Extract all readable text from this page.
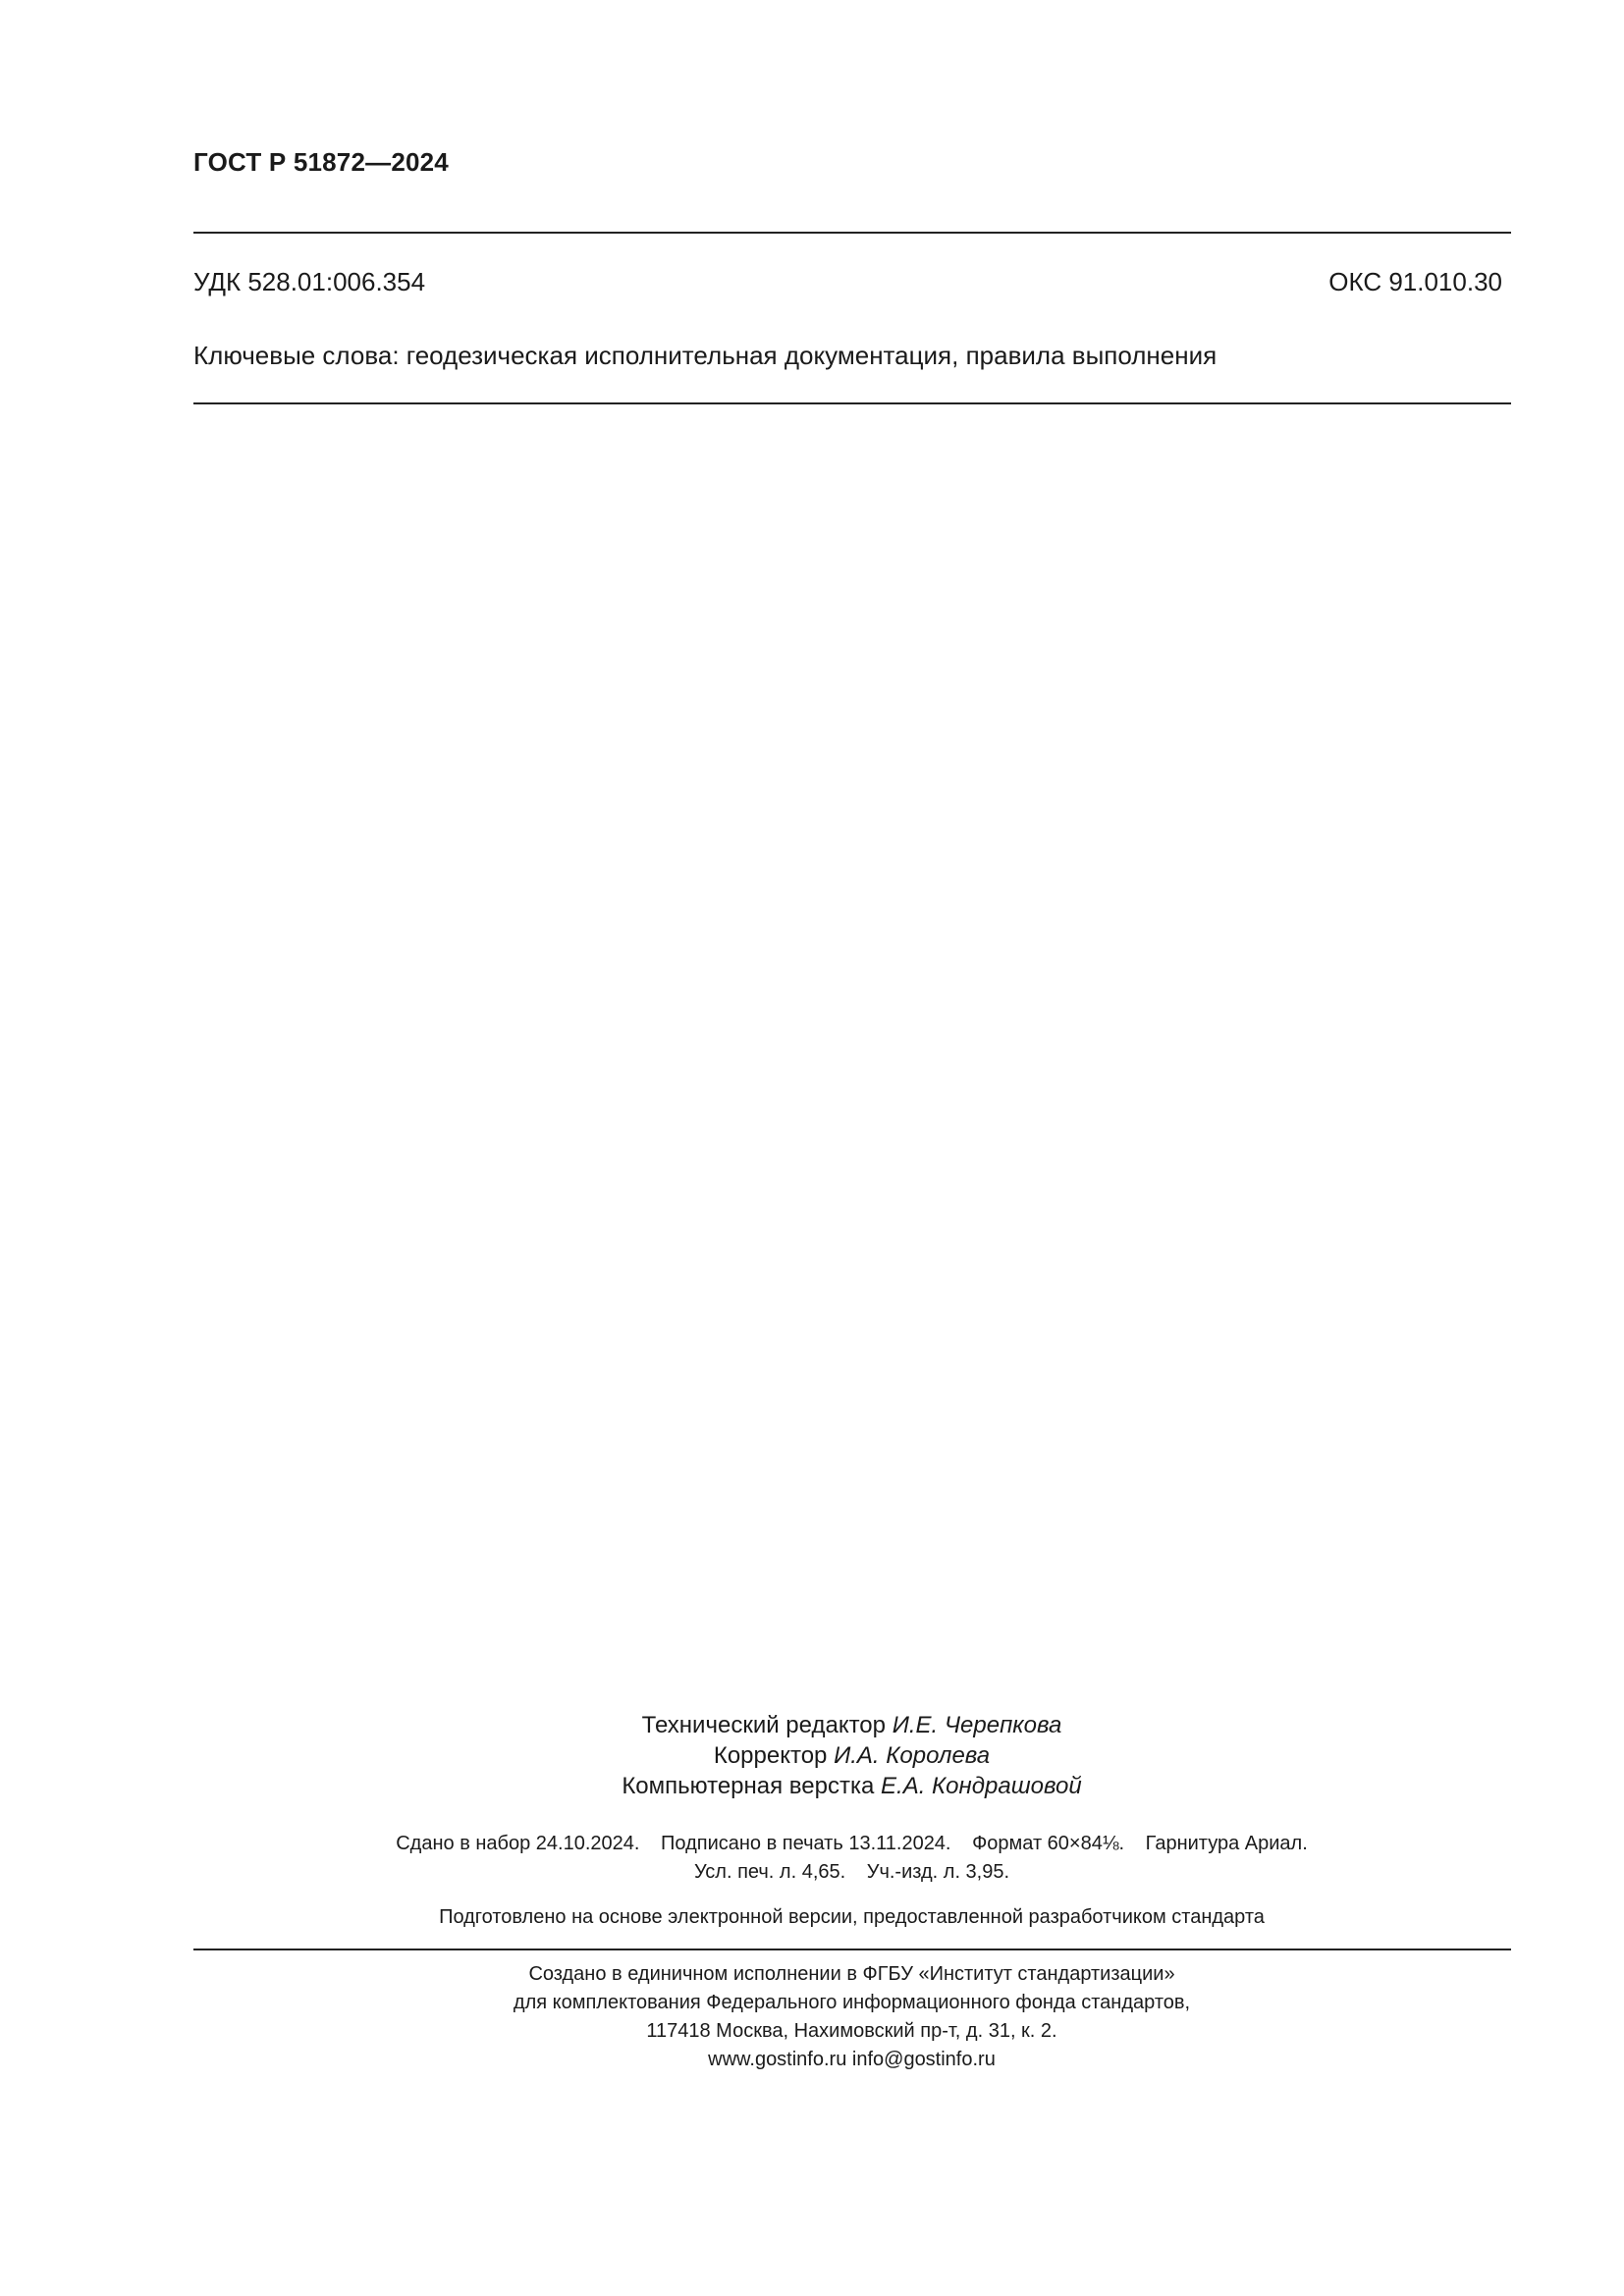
ГОСТ Р 51872—2024
УДК 528.01:006.354	ОКС 91.010.30
Ключевые слова: геодезическая исполнительная документация, правила выполнения
Технический редактор И.Е. Черепкова
Корректор И.А. Королева
Компьютерная верстка Е.А. Кондрашовой
Сдано в набор 24.10.2024. Подписано в печать 13.11.2024. Формат 60×84⅛. Гарнитура Ариал.
Усл. печ. л. 4,65. Уч.-изд. л. 3,95.
Подготовлено на основе электронной версии, предоставленной разработчиком стандарта
Создано в единичном исполнении в ФГБУ «Институт стандартизации»
для комплектования Федерального информационного фонда стандартов,
117418 Москва, Нахимовский пр-т, д. 31, к. 2.
www.gostinfo.ru info@gostinfo.ru
